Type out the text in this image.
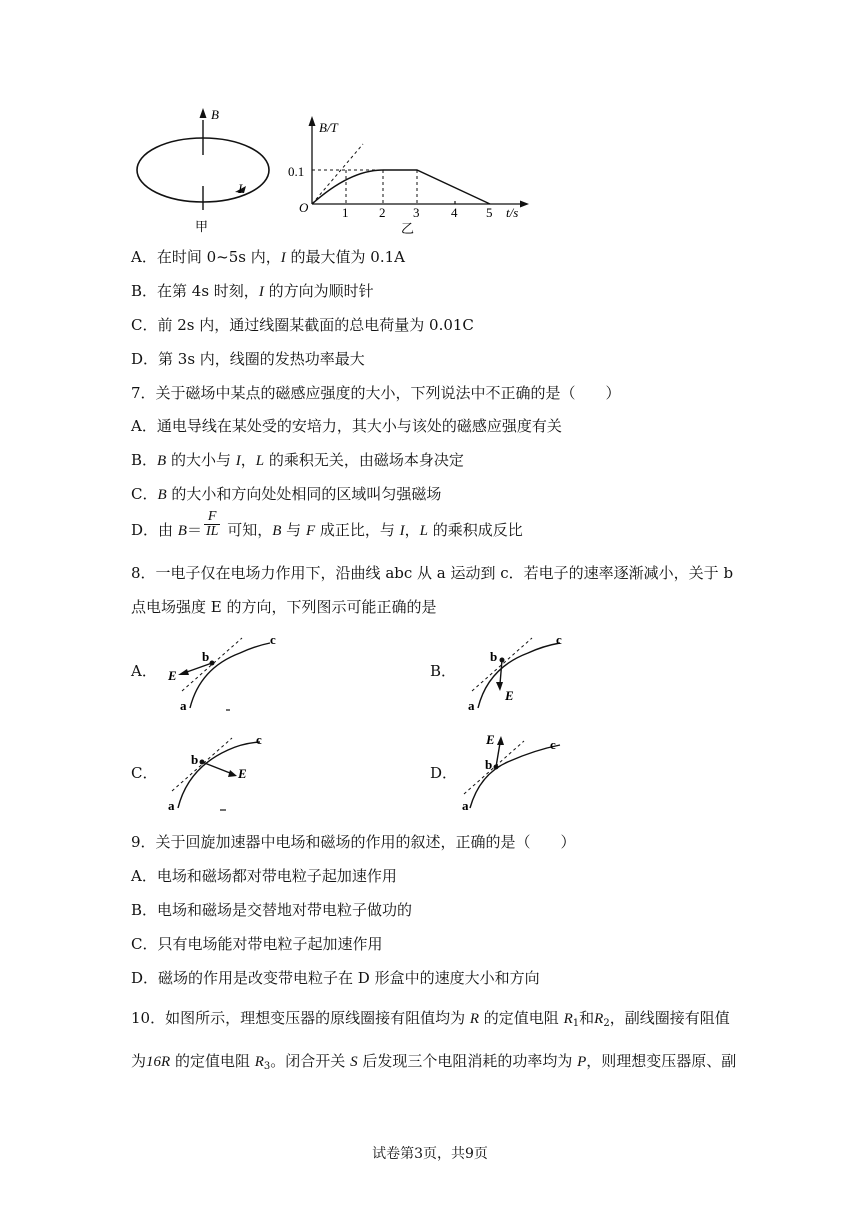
B
I
甲
B/T
t/s
O
0.1
1 2 3 4 5
乙
A．在时间 0~5s 内，I 的最大值为 0.1A
B．在第 4s 时刻，I 的方向为顺时针
C．前 2s 内，通过线圈某截面的总电荷量为 0.01C
D．第 3s 内，线圈的发热功率最大
7．关于磁场中某点的磁感应强度的大小，下列说法中不正确的是（　　）
A．通电导线在某处受的安培力，其大小与该处的磁感应强度有关
B．B 的大小与 I，L 的乘积无关，由磁场本身决定
C．B 的大小和方向处处相同的区域叫匀强磁场
D．由 $B= \frac{F}{IL}$ 可知，B 与 F 成正比，与 I，L 的乘积成反比
8．一电子仅在电场力作用下，沿曲线 abc 从 a 运动到 c．若电子的速率逐渐减小，关于 b
点电场强度 E 的方向，下列图示可能正确的是
A．	B．
C．	D．
E
b
c
a
E
b
c
a
E
b
c
a
E
b
c
a
9．关于回旋加速器中电场和磁场的作用的叙述，正确的是（　　）
A．电场和磁场都对带电粒子起加速作用
B．电场和磁场是交替地对带电粒子做功的
C．只有电场能对带电粒子起加速作用
D．磁场的作用是改变带电粒子在 D 形盒中的速度大小和方向
10．如图所示，理想变压器的原线圈接有阻值均为 R 的定值电阻 $R_1$和$R_2$，副线圈接有阻值
为16R 的定值电阻 $R_3$。闭合开关 S 后发现三个电阻消耗的功率均为 P，则理想变压器原、副
试卷第3页，共9页
